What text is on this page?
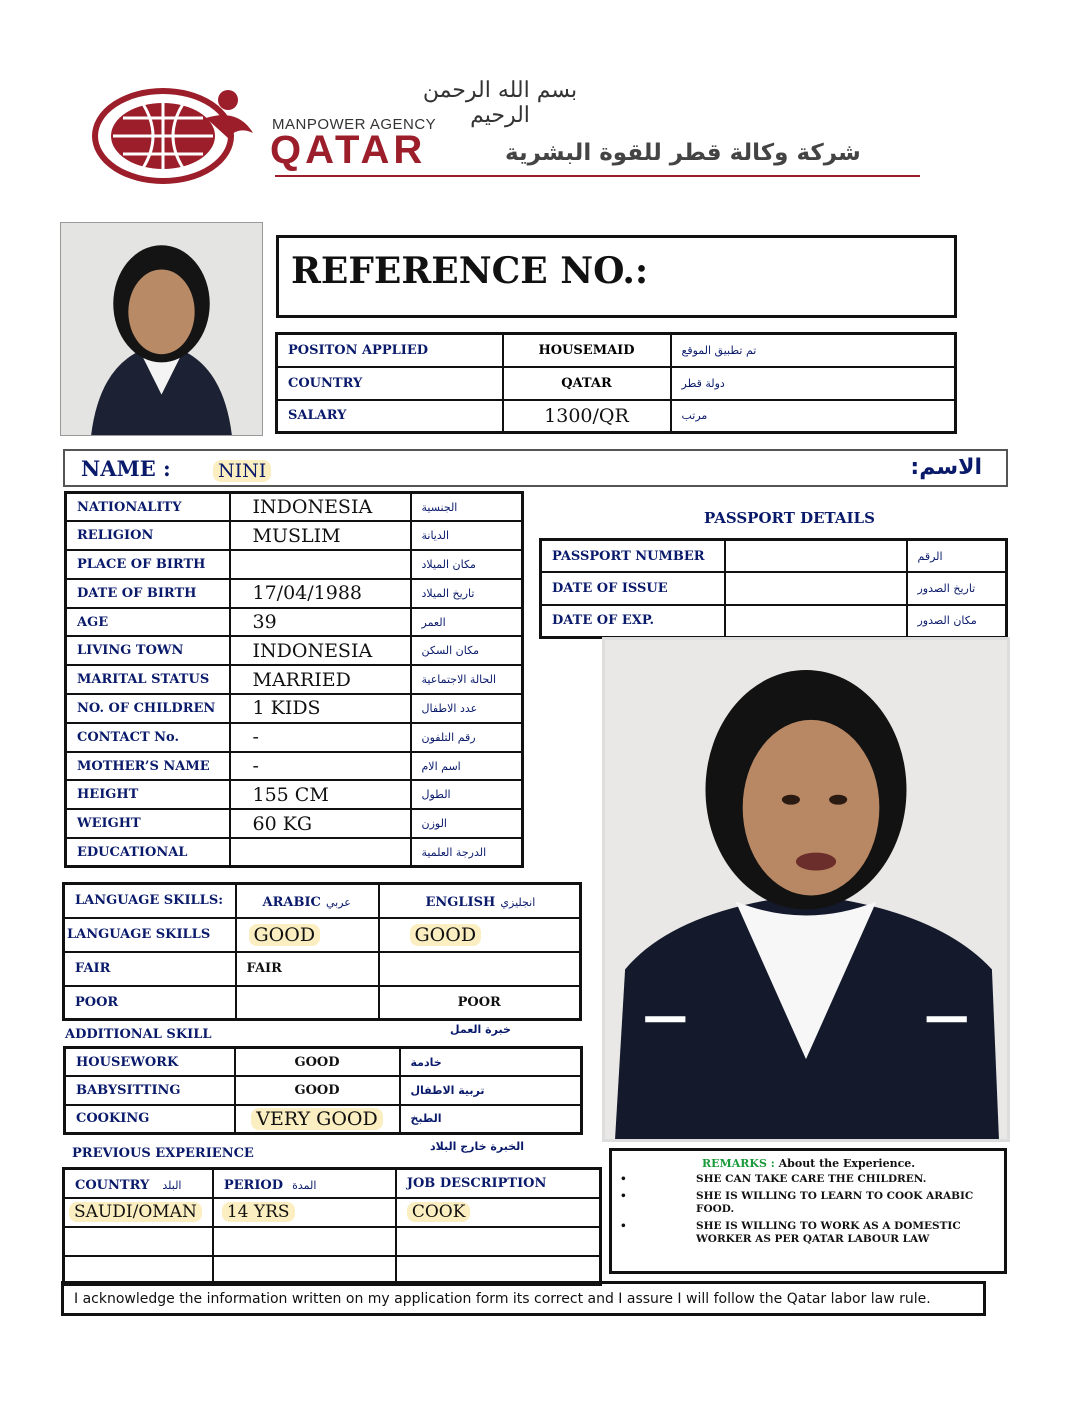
بسم الله الرحمن الرحيم
MANPOWER AGENCY
QATAR	شركة وكالة قطر للقوة البشرية
REFERENCE NO.:
POSITON APPLIED	HOUSEMAID	تم تطبيق الموقع
COUNTRY	QATAR	دولة قطر
SALARY	1300/QR	مرتب
NAME : NINI	:الاسم
NATIONALITY	INDONESIA	الجنسية
RELIGION	MUSLIM	الديانة
PLACE OF BIRTH		مكان الميلاد
DATE OF BIRTH	17/04/1988	تاريخ الميلاد
AGE	39	العمر
LIVING TOWN	INDONESIA	مكان السكن
MARITAL STATUS	MARRIED	الحالة الاجتماعية
NO. OF CHILDREN	1 KIDS	عدد الاطفال
CONTACT No.	-	رقم التلفون
MOTHER’S NAME	-	اسم الام
HEIGHT	155 CM	الطول
WEIGHT	60 KG	الوزن
EDUCATIONAL		الدرجة العلمية
PASSPORT DETAILS
PASSPORT NUMBER		الرقم
DATE OF ISSUE		تاريخ الصدور
DATE OF EXP.		مكان الصدور
LANGUAGE SKILLS:	ARABIC عربي	ENGLISH انجليزي
LANGUAGE SKILLS	GOOD	GOOD
FAIR	FAIR	
POOR		POOR
ADDITIONAL SKILL	خبرة العمل
HOUSEWORK	GOOD	خادمة
BABYSITTING	GOOD	تربية الاطفال
COOKING	VERY GOOD	الطبخ
PREVIOUS EXPERIENCE	الخبرة خارج البلاد
COUNTRY البلد	PERIOD المدة	JOB DESCRIPTION
SAUDI/OMAN	14 YRS	COOK

REMARKS : About the Experience.
•	SHE CAN TAKE CARE THE CHILDREN.
•	SHE IS WILLING TO LEARN TO COOK ARABIC FOOD.
•	SHE IS WILLING TO WORK AS A DOMESTIC WORKER AS PER QATAR LABOUR LAW
I acknowledge the information written on my application form its correct and I assure I will follow the Qatar labor law rule.
